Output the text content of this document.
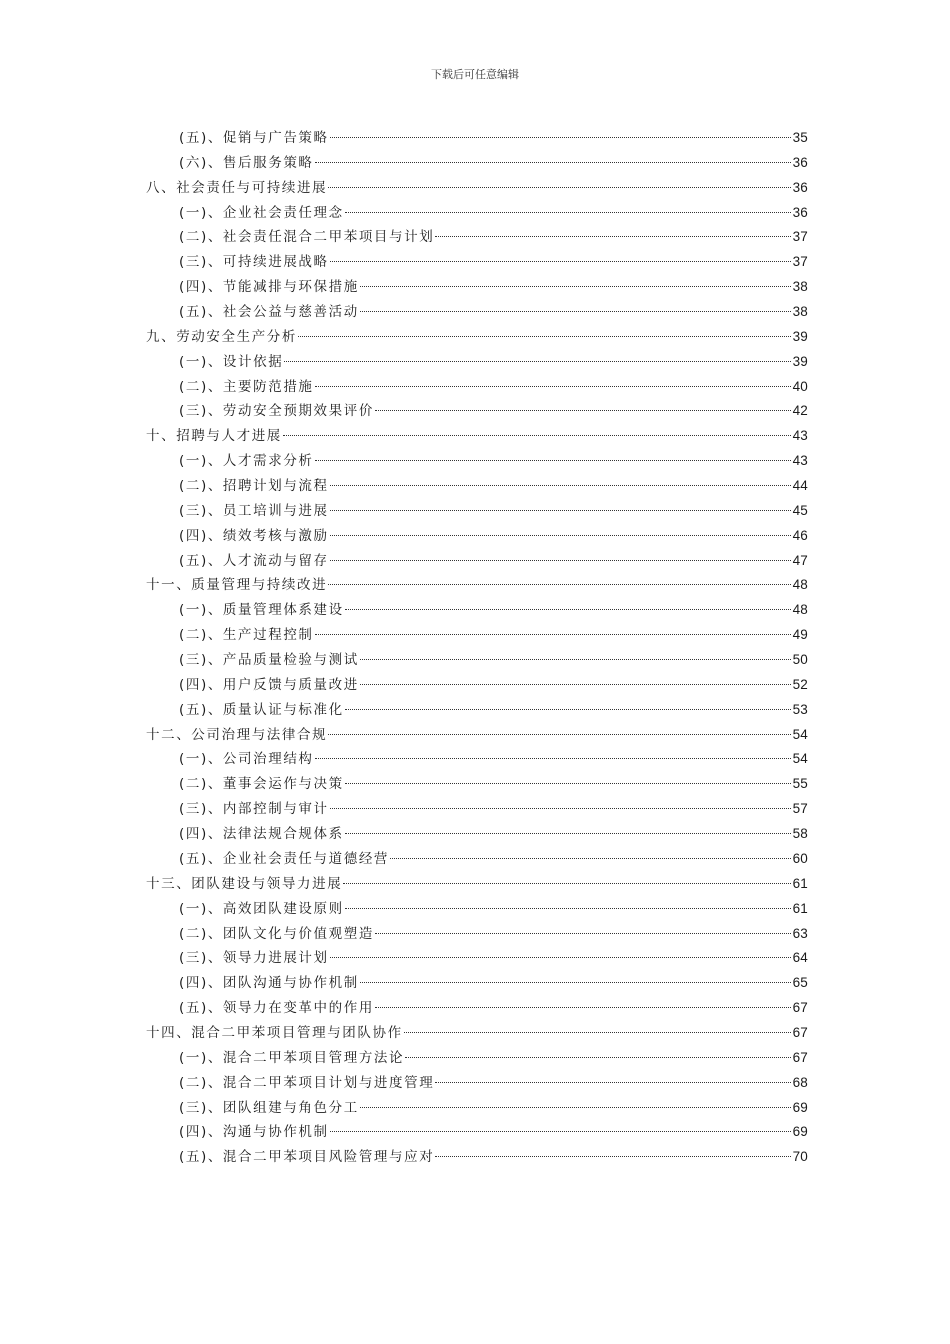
下载后可任意编辑
(五)、促销与广告策略	35
(六)、售后服务策略	36
八、社会责任与可持续进展	36
(一)、企业社会责任理念	36
(二)、社会责任混合二甲苯项目与计划	37
(三)、可持续进展战略	37
(四)、节能减排与环保措施	38
(五)、社会公益与慈善活动	38
九、劳动安全生产分析	39
(一)、设计依据	39
(二)、主要防范措施	40
(三)、劳动安全预期效果评价	42
十、招聘与人才进展	43
(一)、人才需求分析	43
(二)、招聘计划与流程	44
(三)、员工培训与进展	45
(四)、绩效考核与激励	46
(五)、人才流动与留存	47
十一、质量管理与持续改进	48
(一)、质量管理体系建设	48
(二)、生产过程控制	49
(三)、产品质量检验与测试	50
(四)、用户反馈与质量改进	52
(五)、质量认证与标准化	53
十二、公司治理与法律合规	54
(一)、公司治理结构	54
(二)、董事会运作与决策	55
(三)、内部控制与审计	57
(四)、法律法规合规体系	58
(五)、企业社会责任与道德经营	60
十三、团队建设与领导力进展	61
(一)、高效团队建设原则	61
(二)、团队文化与价值观塑造	63
(三)、领导力进展计划	64
(四)、团队沟通与协作机制	65
(五)、领导力在变革中的作用	67
十四、混合二甲苯项目管理与团队协作	67
(一)、混合二甲苯项目管理方法论	67
(二)、混合二甲苯项目计划与进度管理	68
(三)、团队组建与角色分工	69
(四)、沟通与协作机制	69
(五)、混合二甲苯项目风险管理与应对	70
